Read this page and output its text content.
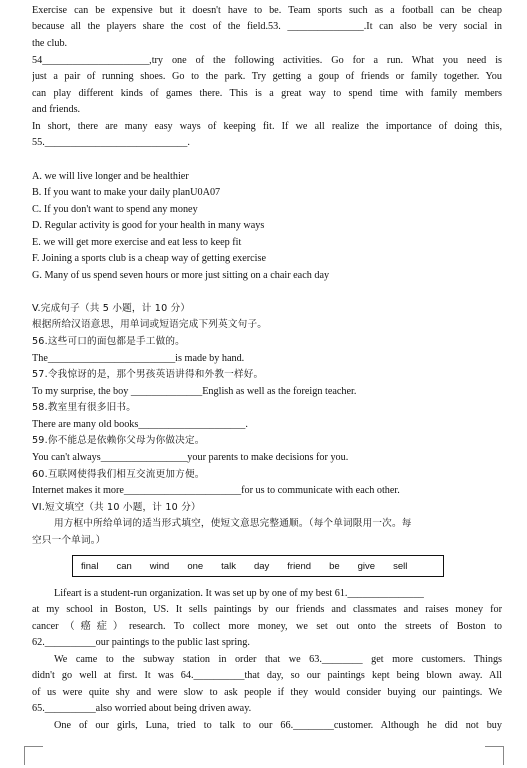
Exercise can be expensive but it doesn't have to be. Team sports such as a football can be cheap
because all the players share the cost of the field.53. _______________.It can also be very social in
the club.
54_____________________,try one of the following activities. Go for a run. What you need is
just a pair of running shoes. Go to the park. Try getting a goup of friends or family together. You
can play different kinds of games there. This is a great way to spend time with family members
and friends.
In short, there are many easy ways of keeping fit. If we all realize the importance of doing this,
55.____________________________.
A. we will live longer and be healthier
B. If you want to make your daily planU0A07
C. If you don't want to spend any money
D. Regular activity is good for your health in many ways
E. we will get more exercise and eat less to keep fit
F. Joining a sports club is a cheap way of getting exercise
G. Many of us spend seven hours or more just sitting on a chair each day
V.完成句子（共 5 小题，计 10 分）
根据所给汉语意思，用单词或短语完成下列英文句子。
56.这些可口的面包都是手工做的。
The_________________________is made by hand.
57.令我惊讶的是，那个男孩英语讲得和外教一样好。
To my surprise, the boy ______________English as well as the foreign teacher.
58.教室里有很多旧书。
There are many old books_____________________.
59.你不能总是依赖你父母为你做决定。
You can't always_________________your parents to make decisions for you.
60.互联网使得我们相互交流更加方便。
Internet makes it more_______________________for us to communicate with each other.
VI.短文填空（共 10 小题，计 10 分）
用方框中所给单词的适当形式填空，使短文意思完整通顺。（每个单词限用一次。每
空只一个单词。）
final can wind one talk day friend be give sell
Lifeart is a student-run organization. It was set up by one of my best 61._______________
at my school in Boston, US. It sells paintings by our friends and classmates and raises money for
cancer（癌症）research. To collect more money, we set out onto the streets of Boston to
62.__________our paintings to the public last spring.
We came to the subway station in order that we 63.________ get more customers. Things
didn't go well at first. It was 64.__________that day, so our paintings kept being blown away. All
of us were quite shy and were slow to ask people if they would consider buying our paintings. We
65.__________also worried about being driven away.
One of our girls, Luna, tried to talk to our 66.________customer. Although he did not buy
